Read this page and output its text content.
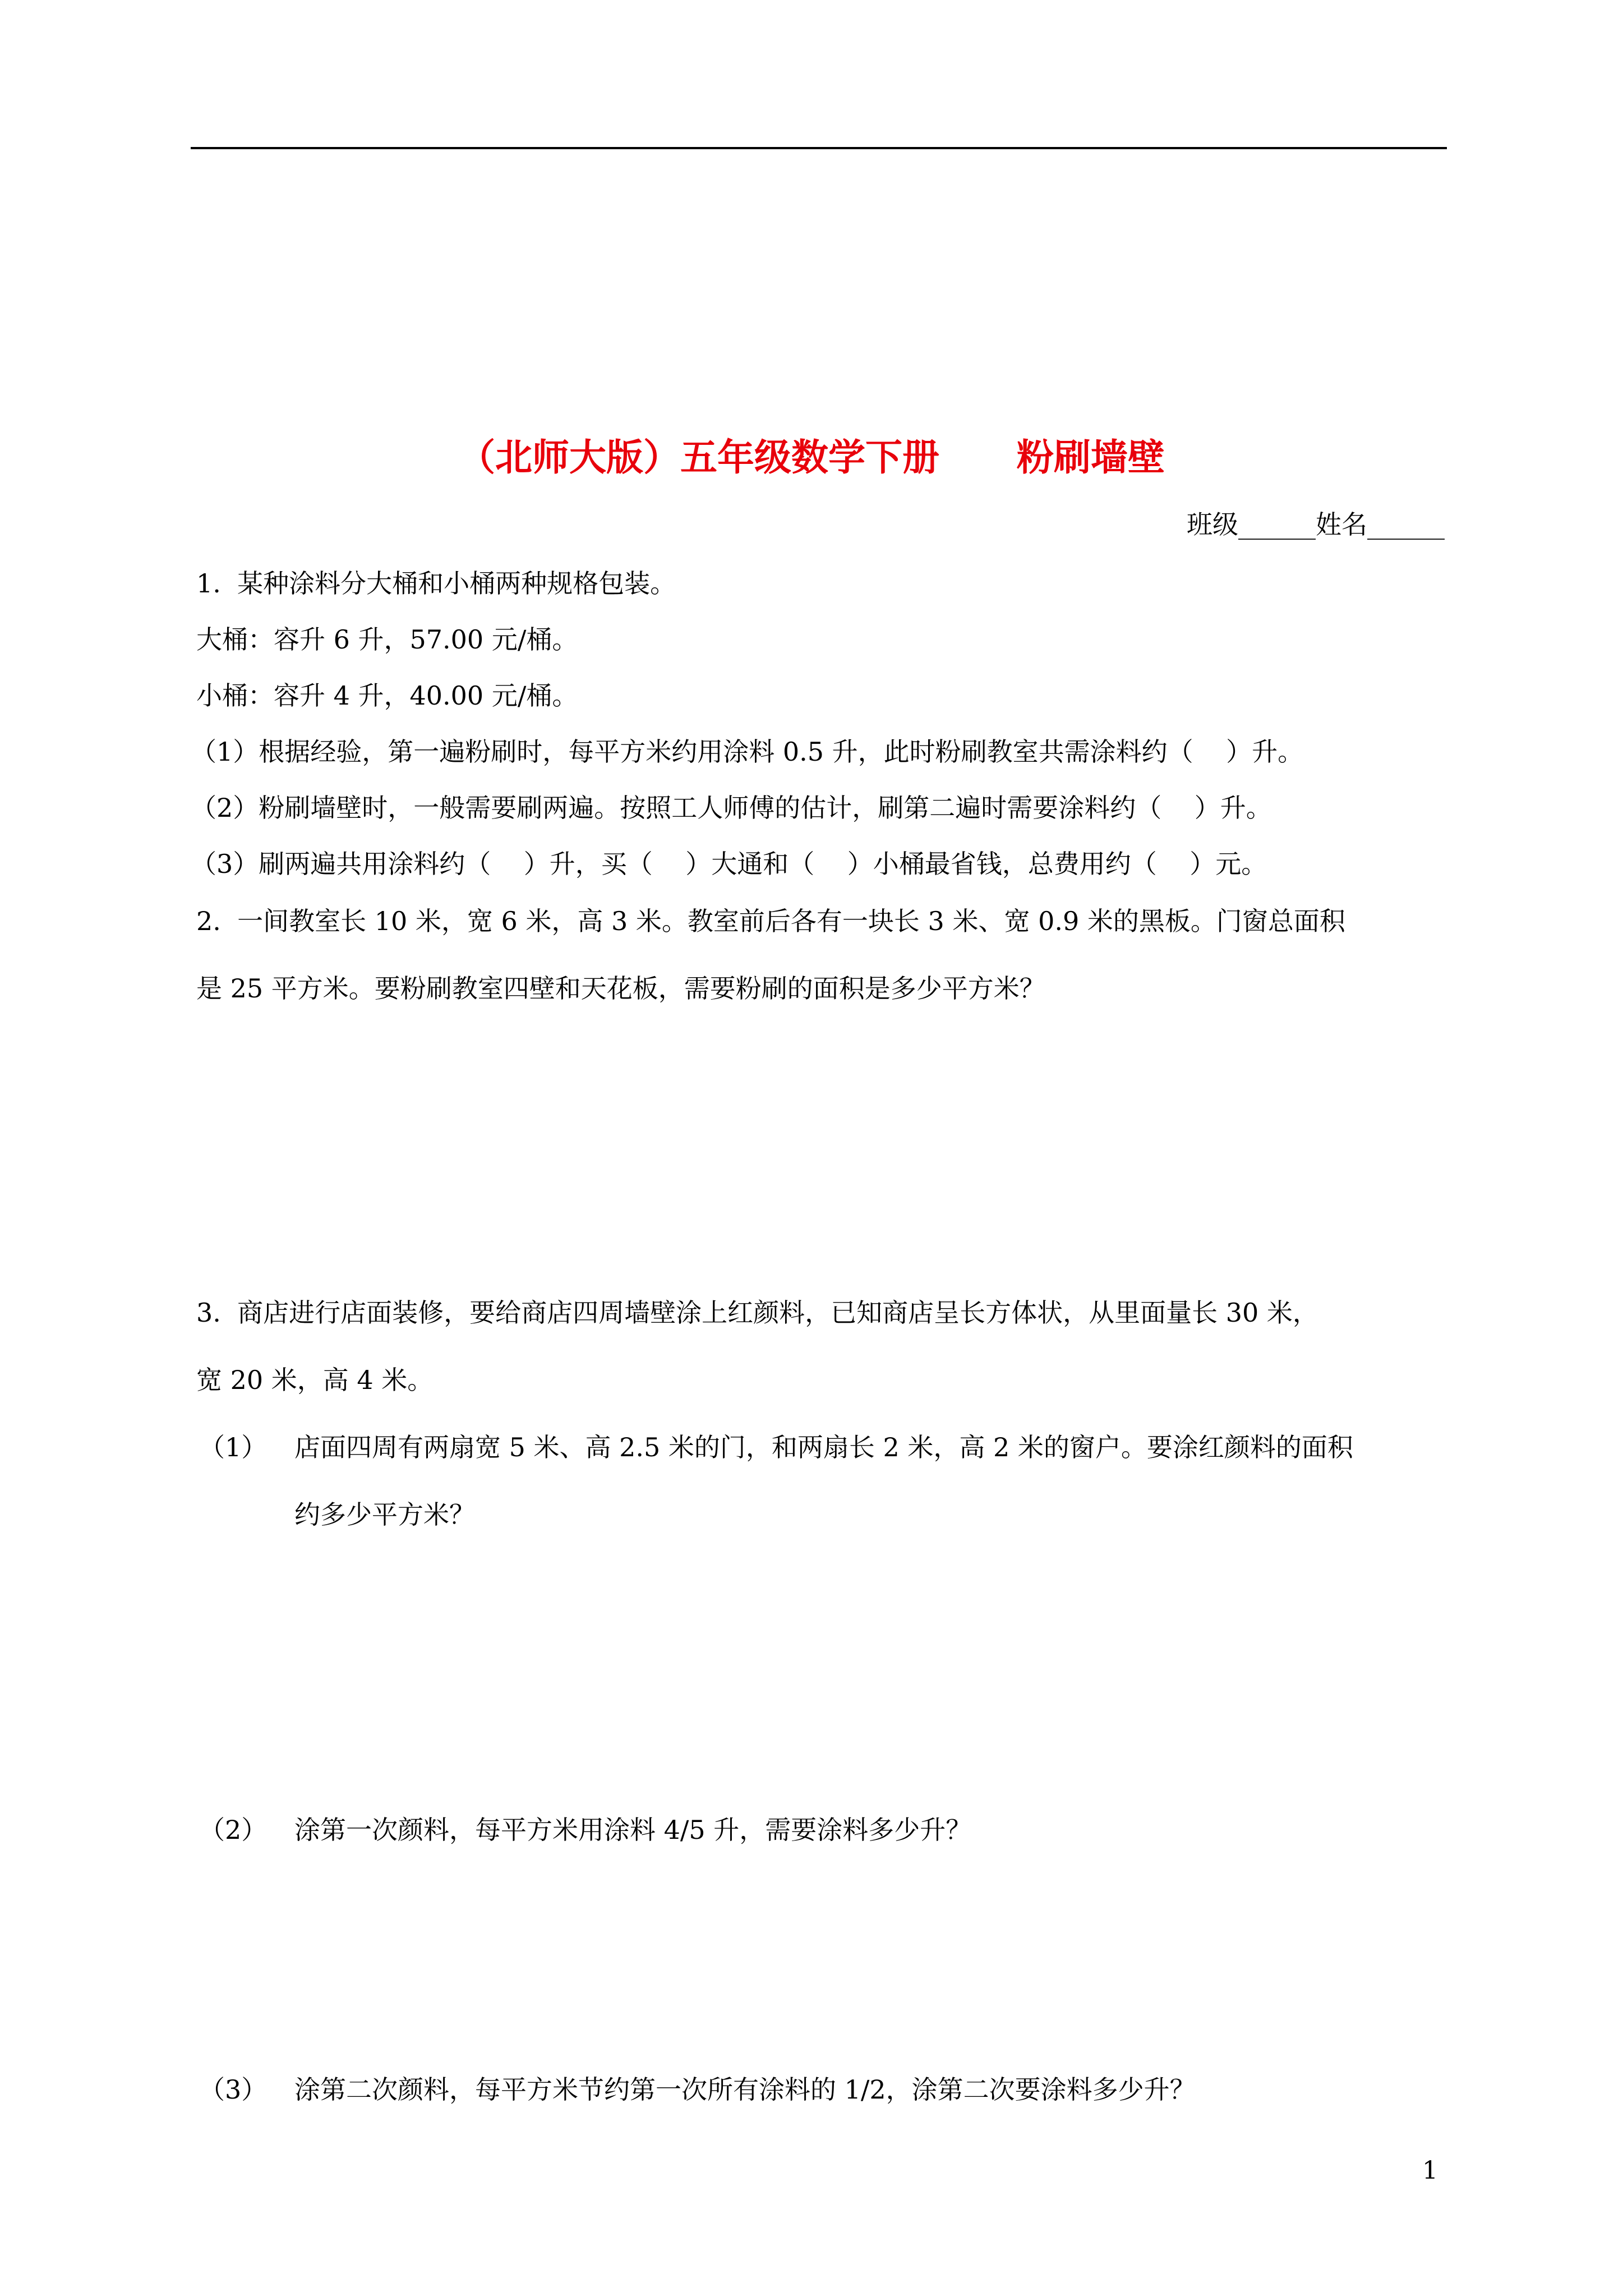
（北师大版）五年级数学下册      粉刷墙壁
班级______姓名______
1.  某种涂料分大桶和小桶两种规格包装。
大桶：容升 6 升，57.00 元/桶。
小桶：容升 4 升，40.00 元/桶。
（1）根据经验，第一遍粉刷时，每平方米约用涂料 0.5 升，此时粉刷教室共需涂料约（    ）升。
（2）粉刷墙壁时，一般需要刷两遍。按照工人师傅的估计，刷第二遍时需要涂料约（    ）升。
（3）刷两遍共用涂料约（    ）升，买（    ）大通和（    ）小桶最省钱，总费用约（    ）元。
2.  一间教室长 10 米，宽 6 米，高 3 米。教室前后各有一块长 3 米、宽 0.9 米的黑板。门窗总面积
是 25 平方米。要粉刷教室四壁和天花板，需要粉刷的面积是多少平方米？
3.  商店进行店面装修，要给商店四周墙壁涂上红颜料，已知商店呈长方体状，从里面量长 30 米，
宽 20 米，高 4 米。
（1） 店面四周有两扇宽 5 米、高 2.5 米的门，和两扇长 2 米，高 2 米的窗户。要涂红颜料的面积
约多少平方米？
（2） 涂第一次颜料，每平方米用涂料 4/5 升，需要涂料多少升？
（3） 涂第二次颜料，每平方米节约第一次所有涂料的 1/2，涂第二次要涂料多少升？
1
